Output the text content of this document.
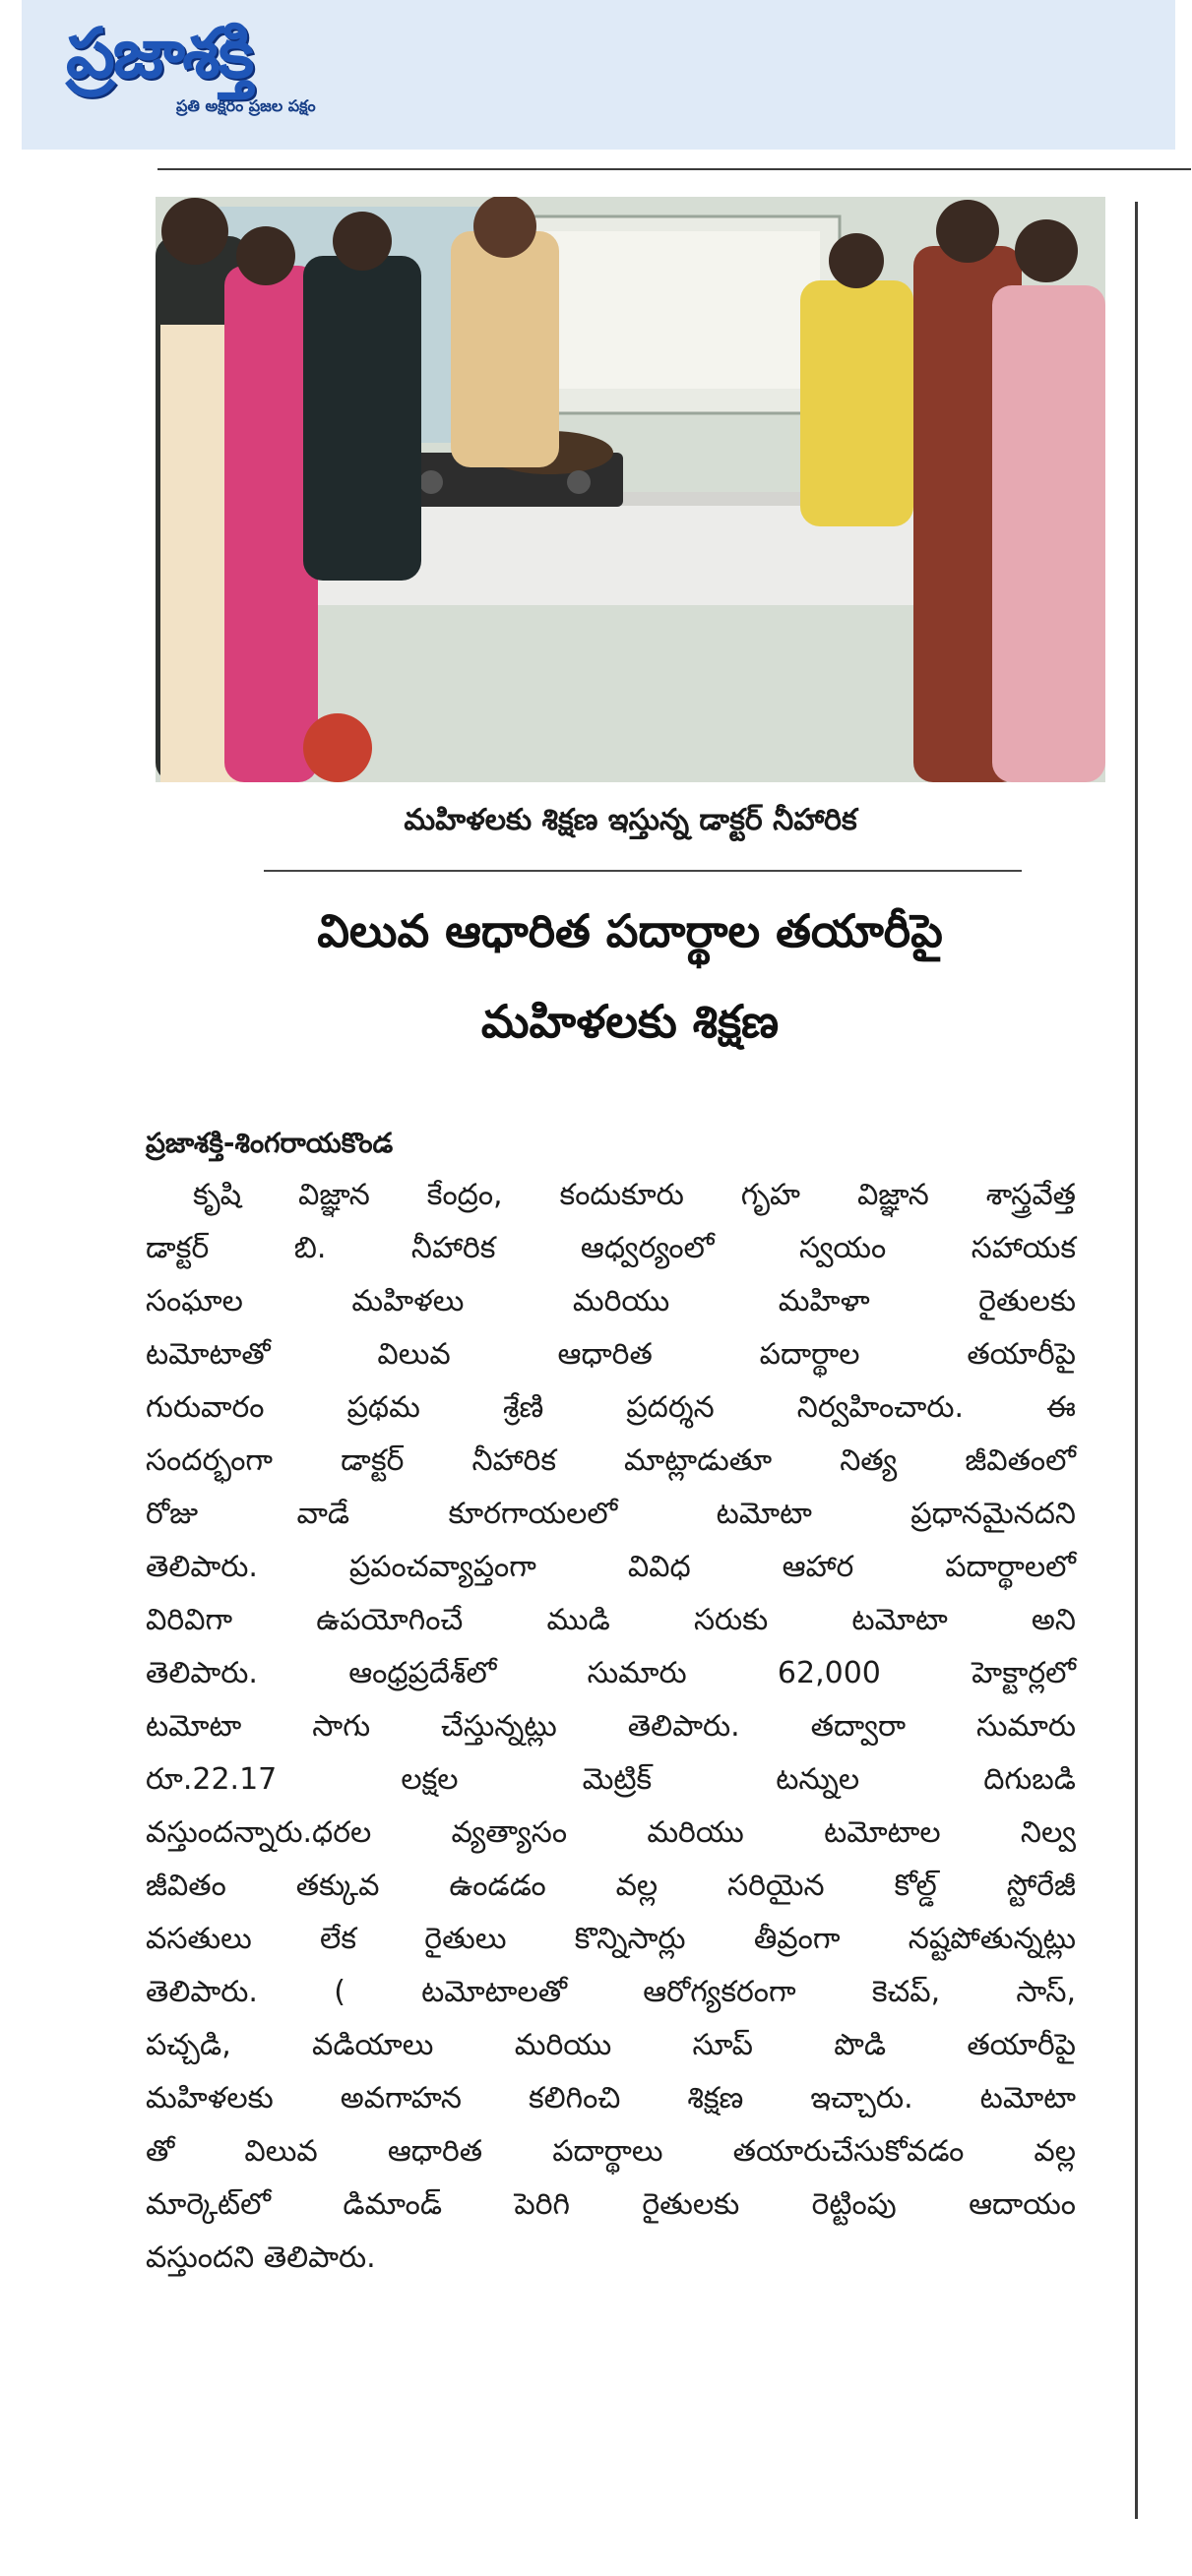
ప్రజాశక్తి
ప్రతి అక్షరం ప్రజల పక్షం
మహిళలకు శిక్షణ ఇస్తున్న డాక్టర్ నీహారిక
విలువ ఆధారిత పదార్థాల తయారీపై
మహిళలకు శిక్షణ
ప్రజాశక్తి-శింగరాయకొండ
కృషి విజ్ఞాన కేంద్రం, కందుకూరు గృహ విజ్ఞాన శాస్త్రవేత్త
డాక్టర్ బి. నీహారిక ఆధ్వర్యంలో స్వయం సహాయక
సంఘాల మహిళలు మరియు మహిళా రైతులకు
టమోటాతో విలువ ఆధారిత పదార్థాల తయారీపై
గురువారం ప్రథమ శ్రేణి ప్రదర్శన నిర్వహించారు. ఈ
సందర్భంగా డాక్టర్ నీహారిక మాట్లాడుతూ నిత్య జీవితంలో
రోజు వాడే కూరగాయలలో టమోటా ప్రధానమైనదని
తెలిపారు. ప్రపంచవ్యాప్తంగా వివిధ ఆహార పదార్థాలలో
విరివిగా ఉపయోగించే ముడి సరుకు టమోటా అని
తెలిపారు. ఆంధ్రప్రదేశ్‌లో సుమారు 62,000 హెక్టార్లలో
టమోటా సాగు చేస్తున్నట్లు తెలిపారు. తద్వారా సుమారు
రూ.22.17 లక్షల మెట్రిక్ టన్నుల దిగుబడి
వస్తుందన్నారు.ధరల వ్యత్యాసం మరియు టమోటాల నిల్వ
జీవితం తక్కువ ఉండడం వల్ల సరియైన కోల్డ్ స్టోరేజీ
వసతులు లేక రైతులు కొన్నిసార్లు తీవ్రంగా నష్టపోతున్నట్లు
తెలిపారు. ( టమోటాలతో ఆరోగ్యకరంగా కెచప్, సాస్,
పచ్చడి, వడియాలు మరియు సూప్ పొడి తయారీపై
మహిళలకు అవగాహన కలిగించి శిక్షణ ఇచ్చారు. టమోటా
తో విలువ ఆధారిత పదార్థాలు తయారుచేసుకోవడం వల్ల
మార్కెట్‌లో డిమాండ్ పెరిగి రైతులకు రెట్టింపు ఆదాయం
వస్తుందని తెలిపారు.
